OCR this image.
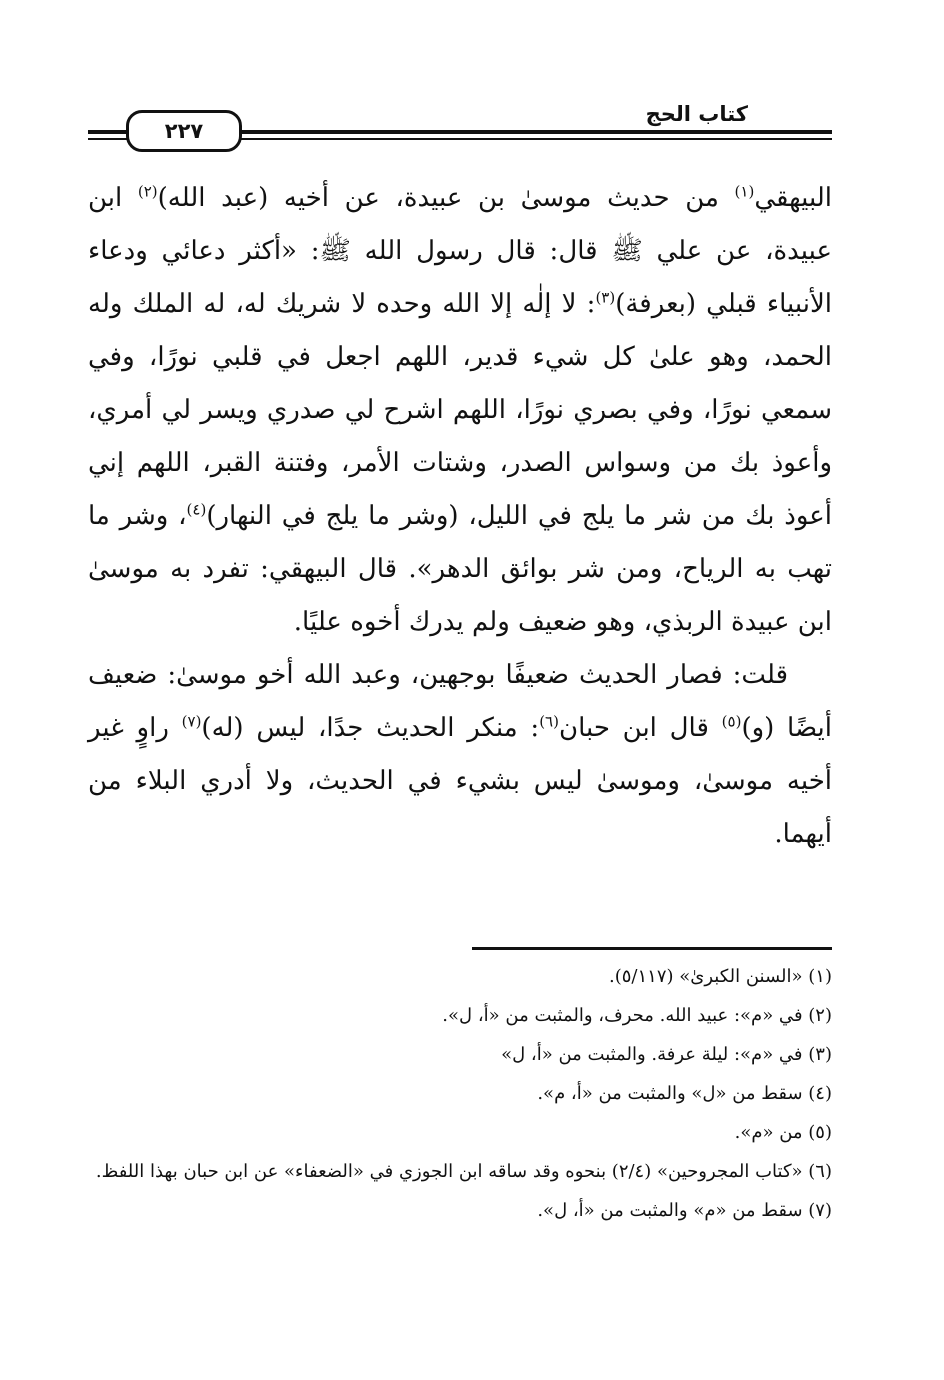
كتاب الحج
٢٢٧

البيهقي$^{(١)}$ من حديث موسىٰ بن عبيدة، عن أخيه (عبد الله)$^{(٢)}$ ابن عبيدة، عن علي ﷺ قال: قال رسول الله ﷺ: «أكثر دعائي ودعاء الأنبياء قبلي (بعرفة)$^{(٣)}$: لا إلٰه إلا الله وحده لا شريك له، له الملك وله الحمد، وهو علىٰ كل شيء قدير، اللهم اجعل في قلبي نورًا، وفي سمعي نورًا، وفي بصري نورًا، اللهم اشرح لي صدري ويسر لي أمري، وأعوذ بك من وسواس الصدر، وشتات الأمر، وفتنة القبر، اللهم إني أعوذ بك من شر ما يلج في الليل، (وشر ما يلج في النهار)$^{(٤)}$، وشر ما تهب به الرياح، ومن شر بوائق الدهر». قال البيهقي: تفرد به موسىٰ ابن عبيدة الربذي، وهو ضعيف ولم يدرك أخوه عليًا.

قلت: فصار الحديث ضعيفًا بوجهين، وعبد الله أخو موسىٰ: ضعيف أيضًا (و)$^{(٥)}$ قال ابن حبان$^{(٦)}$: منكر الحديث جدًا، ليس (له)$^{(٧)}$ راوٍ غير أخيه موسىٰ، وموسىٰ ليس بشيء في الحديث، ولا أدري البلاء من أيهما.

(١) «السنن الكبرىٰ» (٥/١١٧).

(٢) في «م»: عبيد الله. محرف، والمثبت من «أ، ل».

(٣) في «م»: ليلة عرفة. والمثبت من «أ، ل»

(٤) سقط من «ل» والمثبت من «أ، م».

(٥) من «م».

(٦) «كتاب المجروحين» (٢/٤) بنحوه وقد ساقه ابن الجوزي في «الضعفاء» عن ابن حبان بهذا اللفظ.

(٧) سقط من «م» والمثبت من «أ، ل».
